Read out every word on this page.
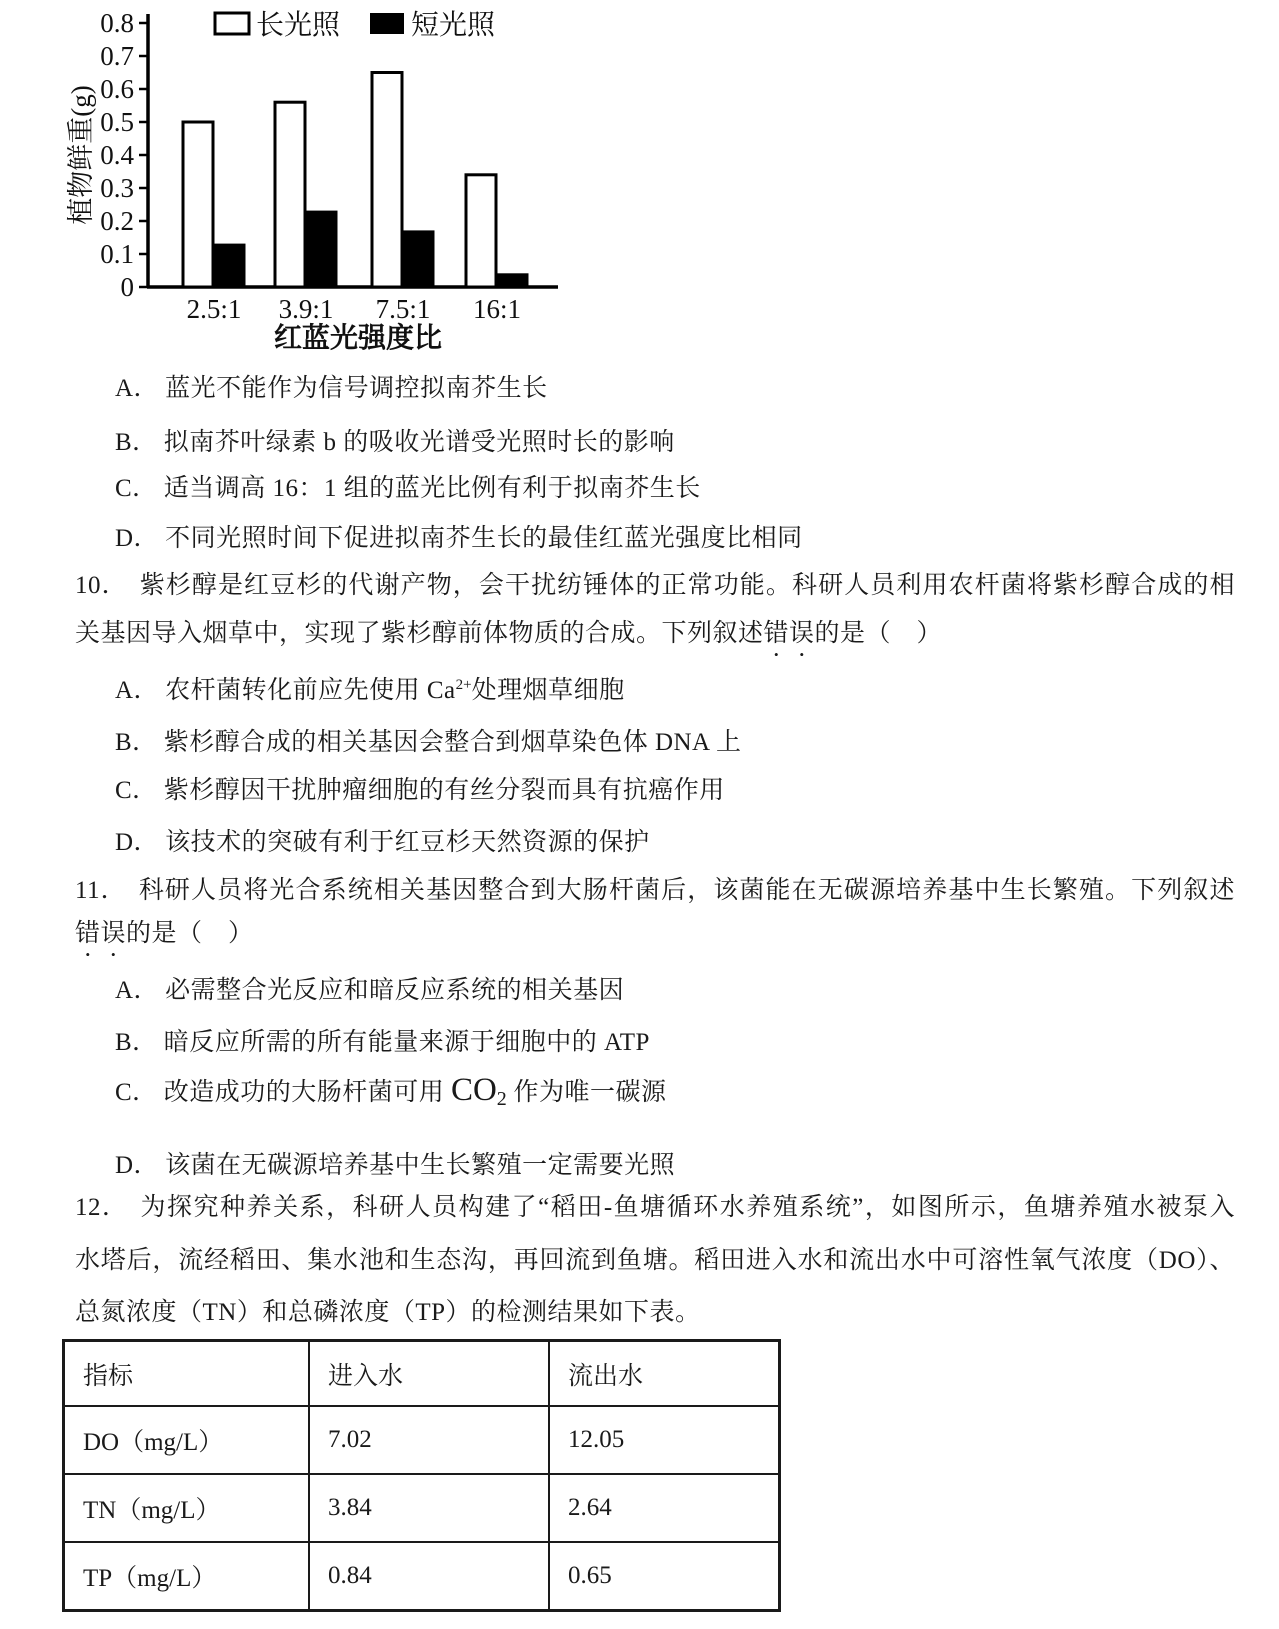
0
0.1
0.2
0.3
0.4
0.5
0.6
0.7
0.8
植物鲜重(g)
2.5:1 3.9:1 7.5:1 16:1
红蓝光强度比
长光照	短光照
A． 蓝光不能作为信号调控拟南芥生长
B． 拟南芥叶绿素 b 的吸收光谱受光照时长的影响
C． 适当调高 16：1 组的蓝光比例有利于拟南芥生长
D． 不同光照时间下促进拟南芥生长的最佳红蓝光强度比相同
10． 紫杉醇是红豆杉的代谢产物，会干扰纺锤体的正常功能。科研人员利用农杆菌将紫杉醇合成的相
关基因导入烟草中，实现了紫杉醇前体物质的合成。下列叙述错误的是（　）
A． 农杆菌转化前应先使用 $Ca^{2+}$处理烟草细胞
B． 紫杉醇合成的相关基因会整合到烟草染色体 DNA 上
C． 紫杉醇因干扰肿瘤细胞的有丝分裂而具有抗癌作用
D． 该技术的突破有利于红豆杉天然资源的保护
11． 科研人员将光合系统相关基因整合到大肠杆菌后，该菌能在无碳源培养基中生长繁殖。下列叙述
错误的是（　）
A． 必需整合光反应和暗反应系统的相关基因
B． 暗反应所需的所有能量来源于细胞中的 ATP
C． 改造成功的大肠杆菌可用 $CO_2$ 作为唯一碳源
D． 该菌在无碳源培养基中生长繁殖一定需要光照
12． 为探究种养关系，科研人员构建了“稻田-鱼塘循环水养殖系统”，如图所示，鱼塘养殖水被泵入
水塔后，流经稻田、集水池和生态沟，再回流到鱼塘。稻田进入水和流出水中可溶性氧气浓度（DO）、
总氮浓度（TN）和总磷浓度（TP）的检测结果如下表。
指标	进入水	流出水
DO（mg/L）	7.02	12.05
TN（mg/L）	3.84	2.64
TP（mg/L）	0.84	0.65
